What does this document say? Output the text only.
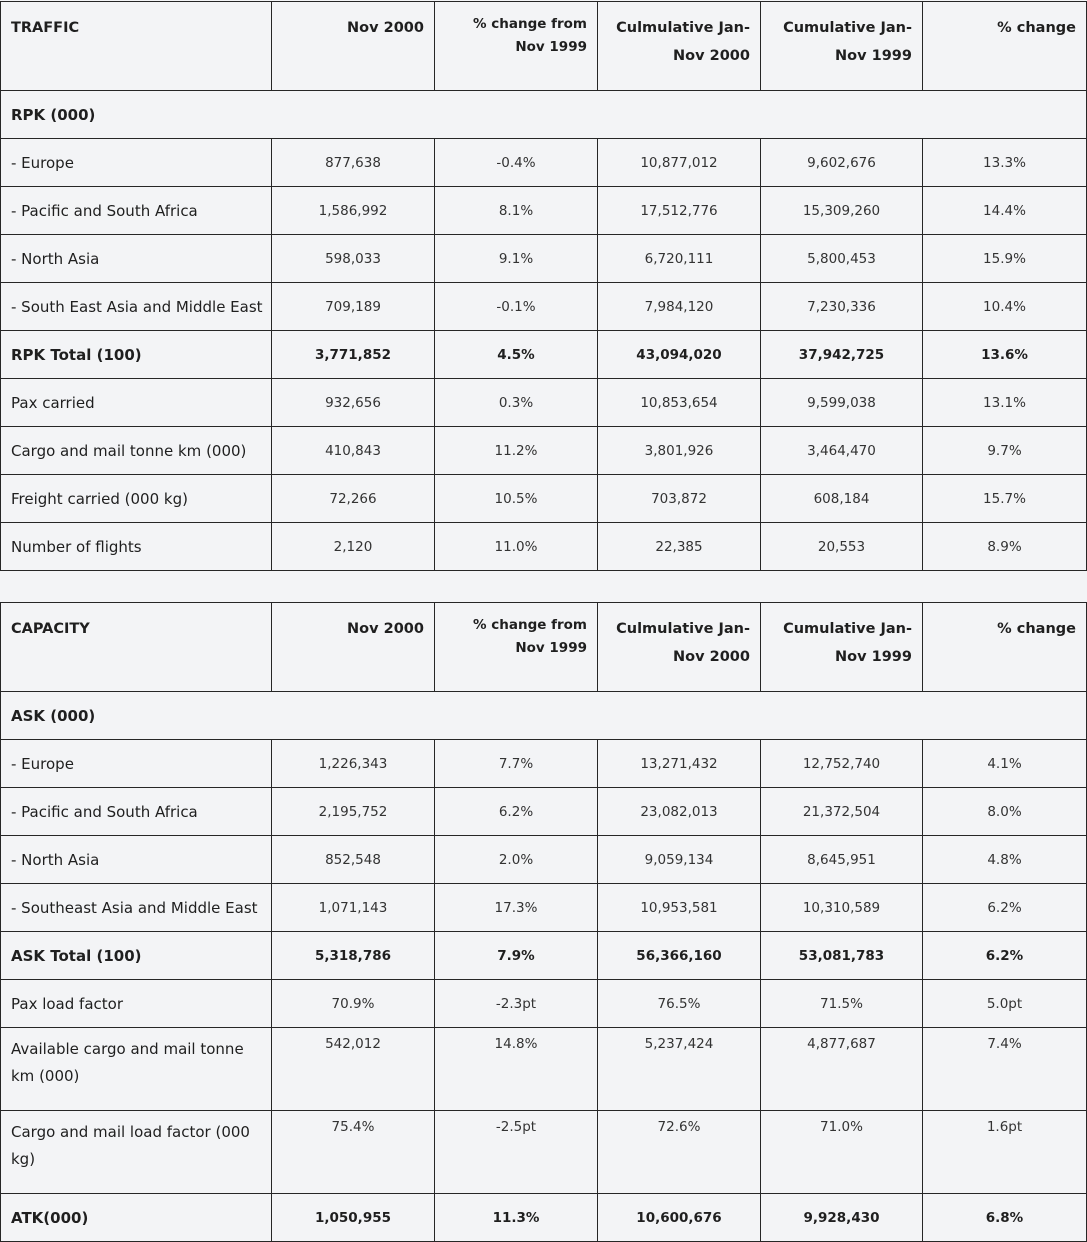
TRAFFIC	Nov 2000	% change from Nov 1999	Culmulative Jan-Nov 2000	Cumulative Jan-Nov 1999	% change
RPK (000)					
- Europe	877,638	-0.4%	10,877,012	9,602,676	13.3%
- Pacific and South Africa	1,586,992	8.1%	17,512,776	15,309,260	14.4%
- North Asia	598,033	9.1%	6,720,111	5,800,453	15.9%
- South East Asia and Middle East	709,189	-0.1%	7,984,120	7,230,336	10.4%
RPK Total (100)	3,771,852	4.5%	43,094,020	37,942,725	13.6%
Pax carried	932,656	0.3%	10,853,654	9,599,038	13.1%
Cargo and mail tonne km (000)	410,843	11.2%	3,801,926	3,464,470	9.7%
Freight carried (000 kg)	72,266	10.5%	703,872	608,184	15.7%
Number of flights	2,120	11.0%	22,385	20,553	8.9%
CAPACITY	Nov 2000	% change from Nov 1999	Culmulative Jan-Nov 2000	Cumulative Jan-Nov 1999	% change
ASK (000)					
- Europe	1,226,343	7.7%	13,271,432	12,752,740	4.1%
- Pacific and South Africa	2,195,752	6.2%	23,082,013	21,372,504	8.0%
- North Asia	852,548	2.0%	9,059,134	8,645,951	4.8%
- Southeast Asia and Middle East	1,071,143	17.3%	10,953,581	10,310,589	6.2%
ASK Total (100)	5,318,786	7.9%	56,366,160	53,081,783	6.2%
Pax load factor	70.9%	-2.3pt	76.5%	71.5%	5.0pt
Available cargo and mail tonne km (000)	542,012	14.8%	5,237,424	4,877,687	7.4%
Cargo and mail load factor (000 kg)	75.4%	-2.5pt	72.6%	71.0%	1.6pt
ATK(000)	1,050,955	11.3%	10,600,676	9,928,430	6.8%
